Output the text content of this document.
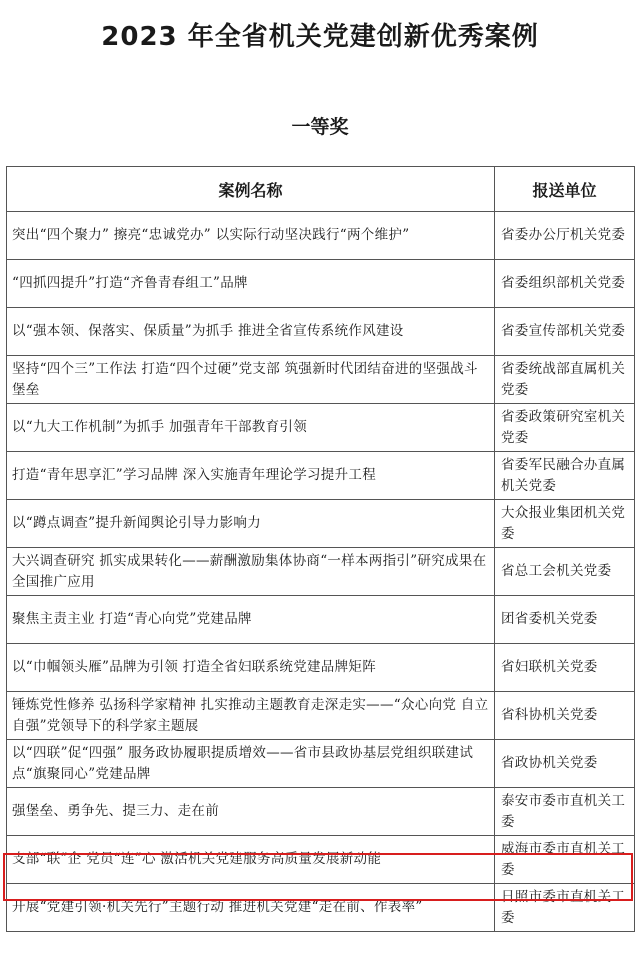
2023 年全省机关党建创新优秀案例
一等奖
案例名称	报送单位
突出“四个聚力” 擦亮“忠诚党办” 以实际行动坚决践行“两个维护”	省委办公厅机关党委
“四抓四提升”打造“齐鲁青春组工”品牌	省委组织部机关党委
以“强本领、保落实、保质量”为抓手 推进全省宣传系统作风建设	省委宣传部机关党委
坚持“四个三”工作法 打造“四个过硬”党支部 筑强新时代团结奋进的坚强战斗堡垒	省委统战部直属机关党委
以“九大工作机制”为抓手 加强青年干部教育引领	省委政策研究室机关党委
打造“青年思享汇”学习品牌 深入实施青年理论学习提升工程	省委军民融合办直属机关党委
以“蹲点调查”提升新闻舆论引导力影响力	大众报业集团机关党委
大兴调查研究 抓实成果转化——薪酬激励集体协商“一样本两指引”研究成果在全国推广应用	省总工会机关党委
聚焦主责主业 打造“青心向党”党建品牌	团省委机关党委
以“巾帼领头雁”品牌为引领 打造全省妇联系统党建品牌矩阵	省妇联机关党委
锤炼党性修养 弘扬科学家精神 扎实推动主题教育走深走实——“众心向党 自立自强”党领导下的科学家主题展	省科协机关党委
以“四联”促“四强” 服务政协履职提质增效——省市县政协基层党组织联建试点“旗聚同心”党建品牌	省政协机关党委
强堡垒、勇争先、提三力、走在前	泰安市委市直机关工委
支部“联”企 党员“连”心 激活机关党建服务高质量发展新动能	威海市委市直机关工委
开展“党建引领·机关先行”主题行动 推进机关党建“走在前、作表率”	日照市委市直机关工委
